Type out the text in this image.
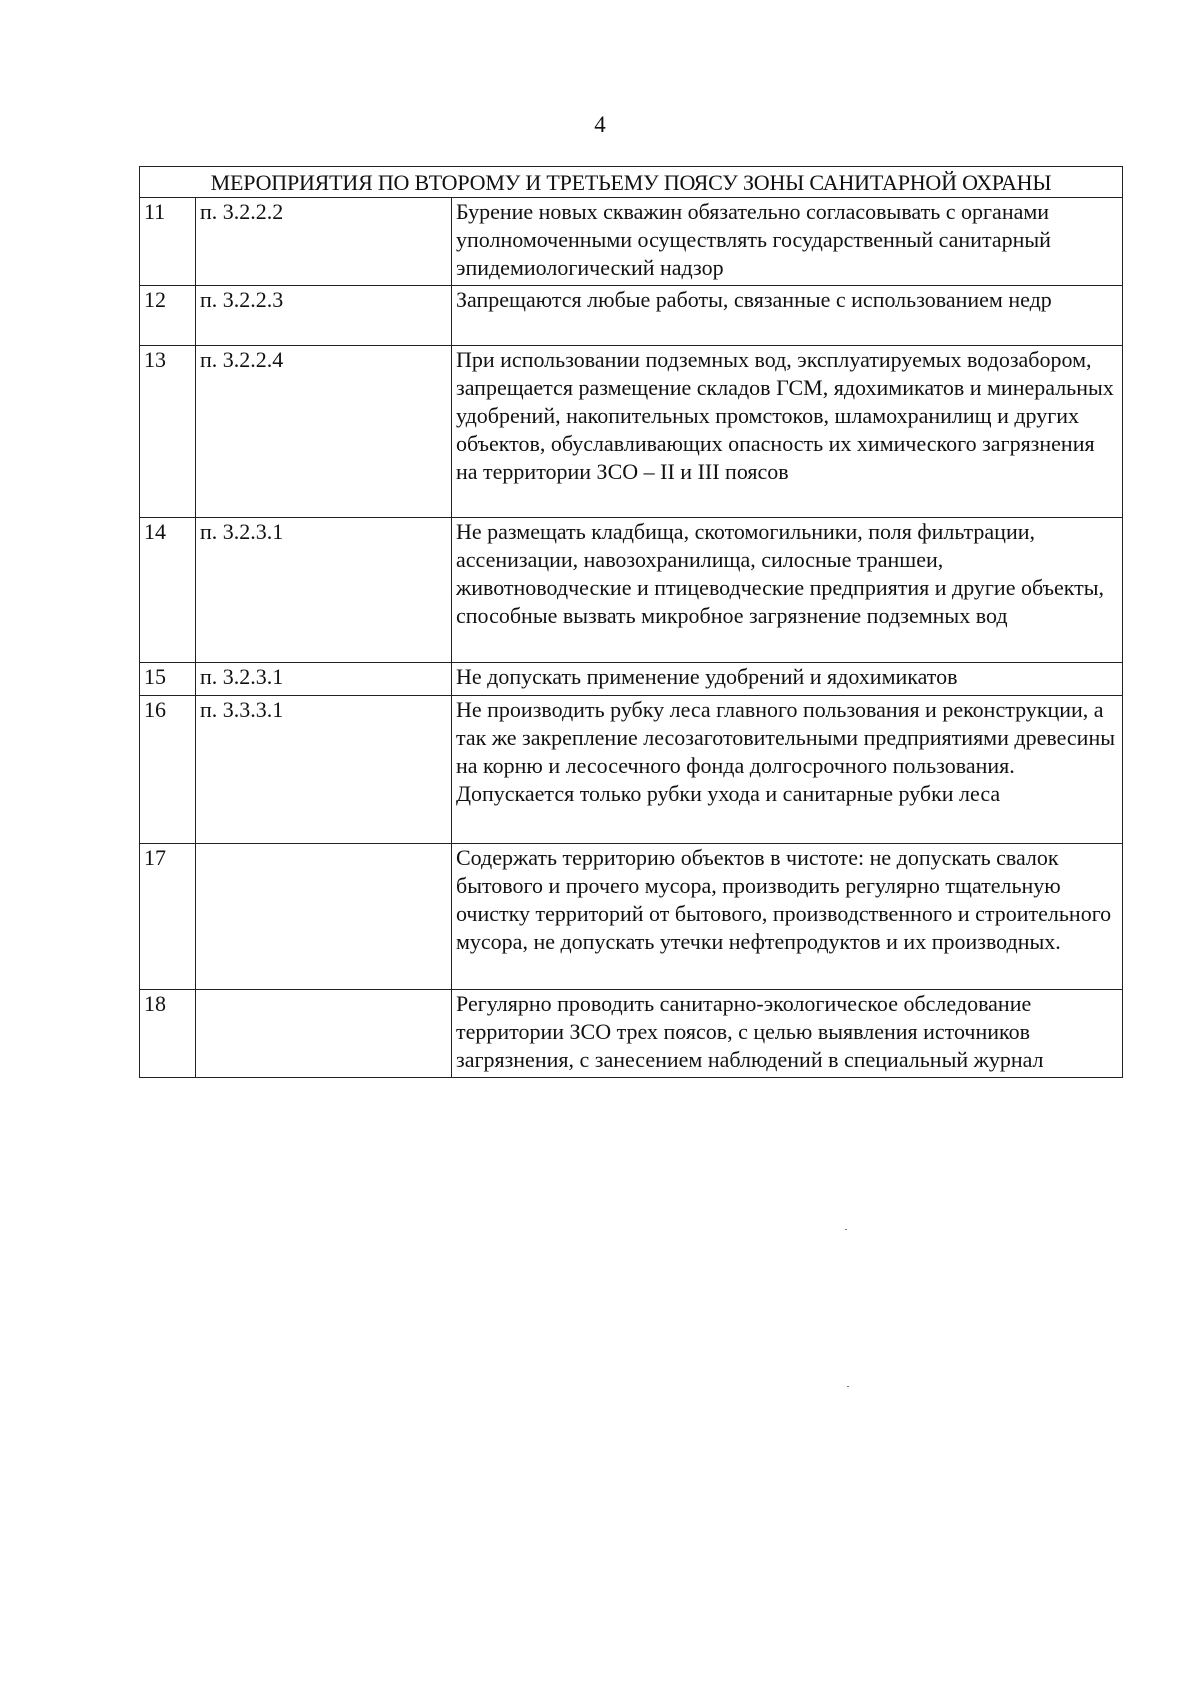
4
МЕРОПРИЯТИЯ ПО ВТОРОМУ И ТРЕТЬЕМУ ПОЯСУ ЗОНЫ САНИТАРНОЙ ОХРАНЫ		
11	п. 3.2.2.2	Бурение новых скважин обязательно согласовывать с органами уполномоченными осуществлять государственный санитарный эпидемиологический надзор
12	п. 3.2.2.3	Запрещаются любые работы, связанные с использованием недр
13	п. 3.2.2.4	При использовании подземных вод, эксплуатируемых водозабором, запрещается размещение складов ГСМ, ядохимикатов и минеральных удобрений, накопительных промстоков, шламохранилищ и других объектов, обуславливающих опасность их химического загрязнения на территории ЗСО – II и III поясов
14	п. 3.2.3.1	Не размещать кладбища, скотомогильники, поля фильтрации, ассенизации, навозохранилища, силосные траншеи, животноводческие и птицеводческие предприятия и другие объекты, способные вызвать микробное загрязнение подземных вод
15	п. 3.2.3.1	Не допускать применение удобрений и ядохимикатов
16	п. 3.3.3.1	Не производить рубку леса главного пользования и реконструкции, а так же закрепление лесозаготовительными предприятиями древесины на корню и лесосечного фонда долгосрочного пользования. Допускается только рубки ухода и санитарные рубки леса
17		Содержать территорию объектов в чистоте: не допускать свалок бытового и прочего мусора, производить регулярно тщательную очистку территорий от бытового, производственного и строительного мусора, не допускать утечки нефтепродуктов и их производных.
18		Регулярно проводить санитарно-экологическое обследование территории ЗСО трех поясов, с целью выявления источников загрязнения, с занесением наблюдений в специальный журнал
